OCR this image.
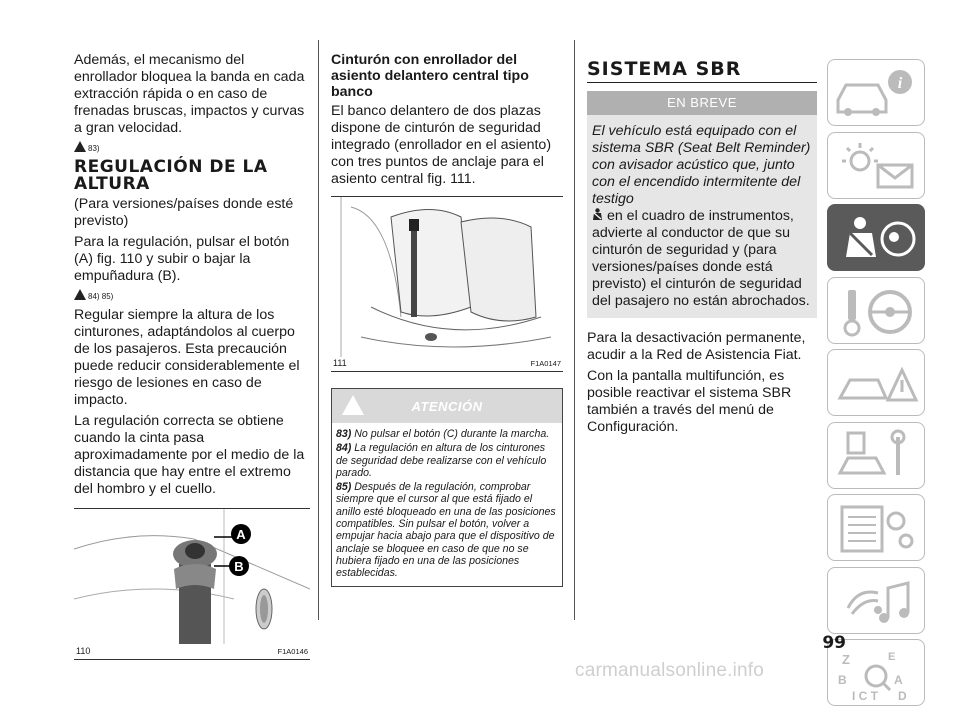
Además, el mecanismo del enrollador bloquea la banda en cada extracción rápida o en caso de frenadas bruscas, impactos y curvas a gran velocidad.

83)
REGULACIÓN DE LA ALTURA

(Para versiones/países donde esté previsto)

Para la regulación, pulsar el botón (A) fig. 110 y subir o bajar la empuñadura (B).

84) 85)

Regular siempre la altura de los cinturones, adaptándolos al cuerpo de los pasajeros. Esta precaución puede reducir considerablemente el riesgo de lesiones en caso de impacto.

La regulación correcta se obtiene cuando la cinta pasa aproximadamente por el medio de la distancia que hay entre el extremo del hombro y el cuello.

A
B
110	F1A0146
Cinturón con enrollador del asiento delantero central tipo banco

El banco delantero de dos plazas dispone de cinturón de seguridad integrado (enrollador en el asiento) con tres puntos de anclaje para el asiento central fig. 111.

111	F1A0147
ATENCIÓN

83) No pulsar el botón (C) durante la marcha.

84) La regulación en altura de los cinturones de seguridad debe realizarse con el vehículo parado.

85) Después de la regulación, comprobar siempre que el cursor al que está fijado el anillo esté bloqueado en una de las posiciones compatibles. Sin pulsar el botón, volver a empujar hacia abajo para que el dispositivo de anclaje se bloquee en caso de que no se hubiera fijado en una de las posiciones establecidas.

SISTEMA SBR
EN BREVE
El vehículo está equipado con el sistema SBR (Seat Belt Reminder) con avisador acústico que, junto con el encendido intermitente del testigo
en el cuadro de instrumentos, advierte al conductor de que su cinturón de seguridad y (para versiones/países donde está previsto) el cinturón de seguridad del pasajero no están abrochados.

Para la desactivación permanente, acudir a la Red de Asistencia Fiat.

Con la pantalla multifunción, es posible reactivar el sistema SBR también a través del menú de Configuración.

i
Z	E
B	A
I C T D
99
carmanualsonline.info
